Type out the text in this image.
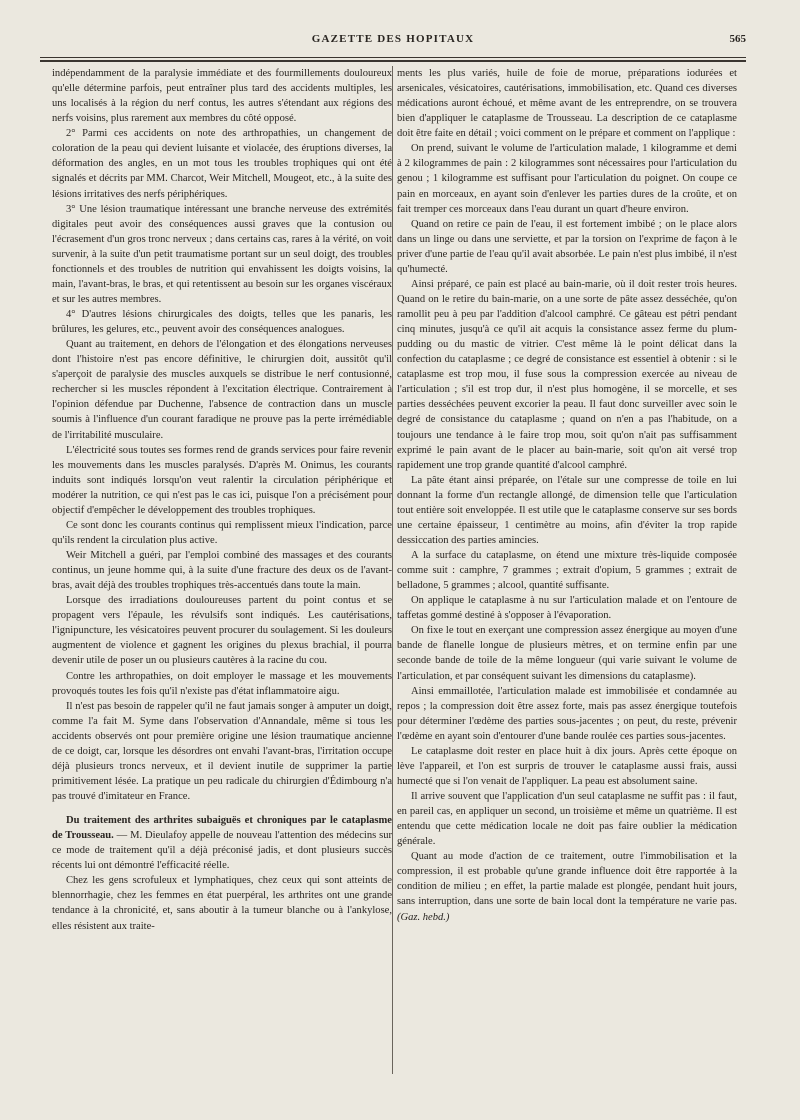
GAZETTE DES HOPITAUX	565

indépendamment de la paralysie immédiate et des fourmillements douloureux qu'elle détermine parfois, peut entraîner plus tard des accidents multiples, les uns localisés à la région du nerf contus, les autres s'étendant aux régions des nerfs voisins, plus rarement aux membres du côté opposé.

2° Parmi ces accidents on note des arthropathies, un changement de coloration de la peau qui devient luisante et violacée, des éruptions diverses, la déformation des angles, en un mot tous les troubles trophiques qui ont été signalés et décrits par MM. Charcot, Weir Mitchell, Mougeot, etc., à la suite des lésions irritatives des nerfs périphériques.

3° Une lésion traumatique intéressant une branche nerveuse des extrémités digitales peut avoir des conséquences aussi graves que la contusion ou l'écrasement d'un gros tronc nerveux ; dans certains cas, rares à la vérité, on voit survenir, à la suite d'un petit traumatisme portant sur un seul doigt, des troubles fonctionnels et des troubles de nutrition qui envahissent les doigts voisins, la main, l'avant-bras, le bras, et qui retentissent au besoin sur les organes viscéraux et sur les autres membres.

4° D'autres lésions chirurgicales des doigts, telles que les panaris, les brûlures, les gelures, etc., peuvent avoir des conséquences analogues.

Quant au traitement, en dehors de l'élongation et des élongations nerveuses dont l'histoire n'est pas encore définitive, le chirurgien doit, aussitôt qu'il s'aperçoit de paralysie des muscles auxquels se distribue le nerf contusionné, rechercher si les muscles répondent à l'excitation électrique. Contrairement à l'opinion défendue par Duchenne, l'absence de contraction dans un muscle soumis à l'influence d'un courant faradique ne prouve pas la perte irrémédiable de l'irritabilité musculaire.

L'électricité sous toutes ses formes rend de grands services pour faire revenir les mouvements dans les muscles paralysés. D'après M. Onimus, les courants induits sont indiqués lorsqu'on veut ralentir la circulation périphérique et modérer la nutrition, ce qui n'est pas le cas ici, puisque l'on a précisément pour objectif d'empêcher le développement des troubles trophiques.

Ce sont donc les courants continus qui remplissent mieux l'indication, parce qu'ils rendent la circulation plus active.

Weir Mitchell a guéri, par l'emploi combiné des massages et des courants continus, un jeune homme qui, à la suite d'une fracture des deux os de l'avant-bras, avait déjà des troubles trophiques très-accentués dans toute la main.

Lorsque des irradiations douloureuses partent du point contus et se propagent vers l'épaule, les révulsifs sont indiqués. Les cautérisations, l'ignipuncture, les vésicatoires peuvent procurer du soulagement. Si les douleurs augmentent de violence et gagnent les origines du plexus brachial, il pourra devenir utile de poser un ou plusieurs cautères à la racine du cou.

Contre les arthropathies, on doit employer le massage et les mouvements provoqués toutes les fois qu'il n'existe pas d'état inflammatoire aigu.

Il n'est pas besoin de rappeler qu'il ne faut jamais songer à amputer un doigt, comme l'a fait M. Syme dans l'observation d'Annandale, même si tous les accidents observés ont pour première origine une lésion traumatique ancienne de ce doigt, car, lorsque les désordres ont envahi l'avant-bras, l'irritation occupe déjà plusieurs troncs nerveux, et il devient inutile de supprimer la partie primitivement lésée. La pratique un peu radicale du chirurgien d'Édimbourg n'a pas trouvé d'imitateur en France.

Du traitement des arthrites subaiguës et chroniques par le cataplasme de Trousseau. — M. Dieulafoy appelle de nouveau l'attention des médecins sur ce mode de traitement qu'il a déjà préconisé jadis, et dont plusieurs succès récents lui ont démontré l'efficacité réelle.

Chez les gens scrofuleux et lymphatiques, chez ceux qui sont atteints de blennorrhagie, chez les femmes en état puerpéral, les arthrites ont une grande tendance à la chronicité, et, sans aboutir à la tumeur blanche ou à l'ankylose, elles résistent aux traite-

ments les plus variés, huile de foie de morue, préparations iodurées et arsenicales, vésicatoires, cautérisations, immobilisation, etc. Quand ces diverses médications auront échoué, et même avant de les entreprendre, on se trouvera bien d'appliquer le cataplasme de Trousseau. La description de ce cataplasme doit être faite en détail ; voici comment on le prépare et comment on l'applique :

On prend, suivant le volume de l'articulation malade, 1 kilogramme et demi à 2 kilogrammes de pain : 2 kilogrammes sont nécessaires pour l'articulation du genou ; 1 kilogramme est suffisant pour l'articulation du poignet. On coupe ce pain en morceaux, en ayant soin d'enlever les parties dures de la croûte, et on fait tremper ces morceaux dans l'eau durant un quart d'heure environ.

Quand on retire ce pain de l'eau, il est fortement imbibé ; on le place alors dans un linge ou dans une serviette, et par la torsion on l'exprime de façon à le priver d'une partie de l'eau qu'il avait absorbée. Le pain n'est plus imbibé, il n'est qu'humecté.

Ainsi préparé, ce pain est placé au bain-marie, où il doit rester trois heures. Quand on le retire du bain-marie, on a une sorte de pâte assez desséchée, qu'on ramollit peu à peu par l'addition d'alcool camphré. Ce gâteau est pétri pendant cinq minutes, jusqu'à ce qu'il ait acquis la consistance assez ferme du plum-pudding ou du mastic de vitrier. C'est même là le point délicat dans la confection du cataplasme ; ce degré de consistance est essentiel à obtenir : si le cataplasme est trop mou, il fuse sous la compression exercée au niveau de l'articulation ; s'il est trop dur, il n'est plus homogène, il se morcelle, et ses parties desséchées peuvent excorier la peau. Il faut donc surveiller avec soin le degré de consistance du cataplasme ; quand on n'en a pas l'habitude, on a toujours une tendance à le faire trop mou, soit qu'on n'ait pas suffisamment exprimé le pain avant de le placer au bain-marie, soit qu'on ait versé trop rapidement une trop grande quantité d'alcool camphré.

La pâte étant ainsi préparée, on l'étale sur une compresse de toile en lui donnant la forme d'un rectangle allongé, de dimension telle que l'articulation tout entière soit enveloppée. Il est utile que le cataplasme conserve sur ses bords une certaine épaisseur, 1 centimètre au moins, afin d'éviter la trop rapide dessiccation des parties amincies.

A la surface du cataplasme, on étend une mixture très-liquide composée comme suit : camphre, 7 grammes ; extrait d'opium, 5 grammes ; extrait de belladone, 5 grammes ; alcool, quantité suffisante.

On applique le cataplasme à nu sur l'articulation malade et on l'entoure de taffetas gommé destiné à s'opposer à l'évaporation.

On fixe le tout en exerçant une compression assez énergique au moyen d'une bande de flanelle longue de plusieurs mètres, et on termine enfin par une seconde bande de toile de la même longueur (qui varie suivant le volume de l'articulation, et par conséquent suivant les dimensions du cataplasme).

Ainsi emmaillotée, l'articulation malade est immobilisée et condamnée au repos ; la compression doit être assez forte, mais pas assez énergique toutefois pour déterminer l'œdème des parties sous-jacentes ; on peut, du reste, prévenir l'œdème en ayant soin d'entourer d'une bande roulée ces parties sous-jacentes.

Le cataplasme doit rester en place huit à dix jours. Après cette époque on lève l'appareil, et l'on est surpris de trouver le cataplasme aussi frais, aussi humecté que si l'on venait de l'appliquer. La peau est absolument saine.

Il arrive souvent que l'application d'un seul cataplasme ne suffit pas : il faut, en pareil cas, en appliquer un second, un troisième et même un quatrième. Il est entendu que cette médication locale ne doit pas faire oublier la médication générale.

Quant au mode d'action de ce traitement, outre l'immobilisation et la compression, il est probable qu'une grande influence doit être rapportée à la condition de milieu ; en effet, la partie malade est plongée, pendant huit jours, sans interruption, dans une sorte de bain local dont la température ne varie pas. (Gaz. hebd.)
